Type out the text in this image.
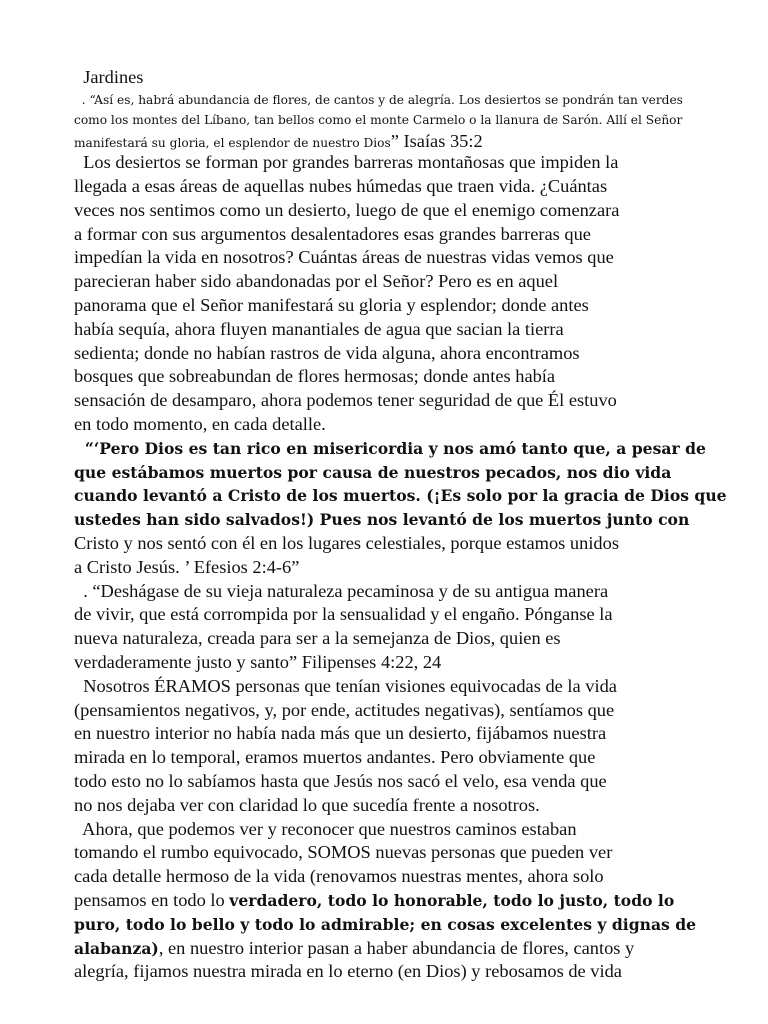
Jardines
. “Así es, habrá abundancia de flores, de cantos y de alegría. Los desiertos se pondrán tan verdes
como los montes del Líbano, tan bellos como el monte Carmelo o la llanura de Sarón. Allí el Señor
manifestará su gloria, el esplendor de nuestro Dios” Isaías 35:2
Los desiertos se forman por grandes barreras montañosas que impiden la
llegada a esas áreas de aquellas nubes húmedas que traen vida. ¿Cuántas
veces nos sentimos como un desierto, luego de que el enemigo comenzara
a formar con sus argumentos desalentadores esas grandes barreras que
impedían la vida en nosotros? Cuántas áreas de nuestras vidas vemos que
parecieran haber sido abandonadas por el Señor? Pero es en aquel
panorama que el Señor manifestará su gloria y esplendor; donde antes
había sequía, ahora fluyen manantiales de agua que sacian la tierra
sedienta; donde no habían rastros de vida alguna, ahora encontramos
bosques que sobreabundan de flores hermosas; donde antes había
sensación de desamparo, ahora podemos tener seguridad de que Él estuvo
en todo momento, en cada detalle.
“‘Pero Dios es tan rico en misericordia y nos amó tanto que, a pesar de
que estábamos muertos por causa de nuestros pecados, nos dio vida
cuando levantó a Cristo de los muertos. (¡Es solo por la gracia de Dios que
ustedes han sido salvados!) Pues nos levantó de los muertos junto con
Cristo y nos sentó con él en los lugares celestiales, porque estamos unidos
a Cristo Jesús. ’ Efesios 2:4-6”
. “Deshágase de su vieja naturaleza pecaminosa y de su antigua manera
de vivir, que está corrompida por la sensualidad y el engaño. Pónganse la
nueva naturaleza, creada para ser a la semejanza de Dios, quien es
verdaderamente justo y santo” Filipenses 4:22, 24
Nosotros ÉRAMOS personas que tenían visiones equivocadas de la vida
(pensamientos negativos, y, por ende, actitudes negativas), sentíamos que
en nuestro interior no había nada más que un desierto, fijábamos nuestra
mirada en lo temporal, eramos muertos andantes. Pero obviamente que
todo esto no lo sabíamos hasta que Jesús nos sacó el velo, esa venda que
no nos dejaba ver con claridad lo que sucedía frente a nosotros.
Ahora, que podemos ver y reconocer que nuestros caminos estaban
tomando el rumbo equivocado, SOMOS nuevas personas que pueden ver
cada detalle hermoso de la vida (renovamos nuestras mentes, ahora solo
pensamos en todo lo verdadero, todo lo honorable, todo lo justo, todo lo
puro, todo lo bello y todo lo admirable; en cosas excelentes y dignas de
alabanza), en nuestro interior pasan a haber abundancia de flores, cantos y
alegría, fijamos nuestra mirada en lo eterno (en Dios) y rebosamos de vida
